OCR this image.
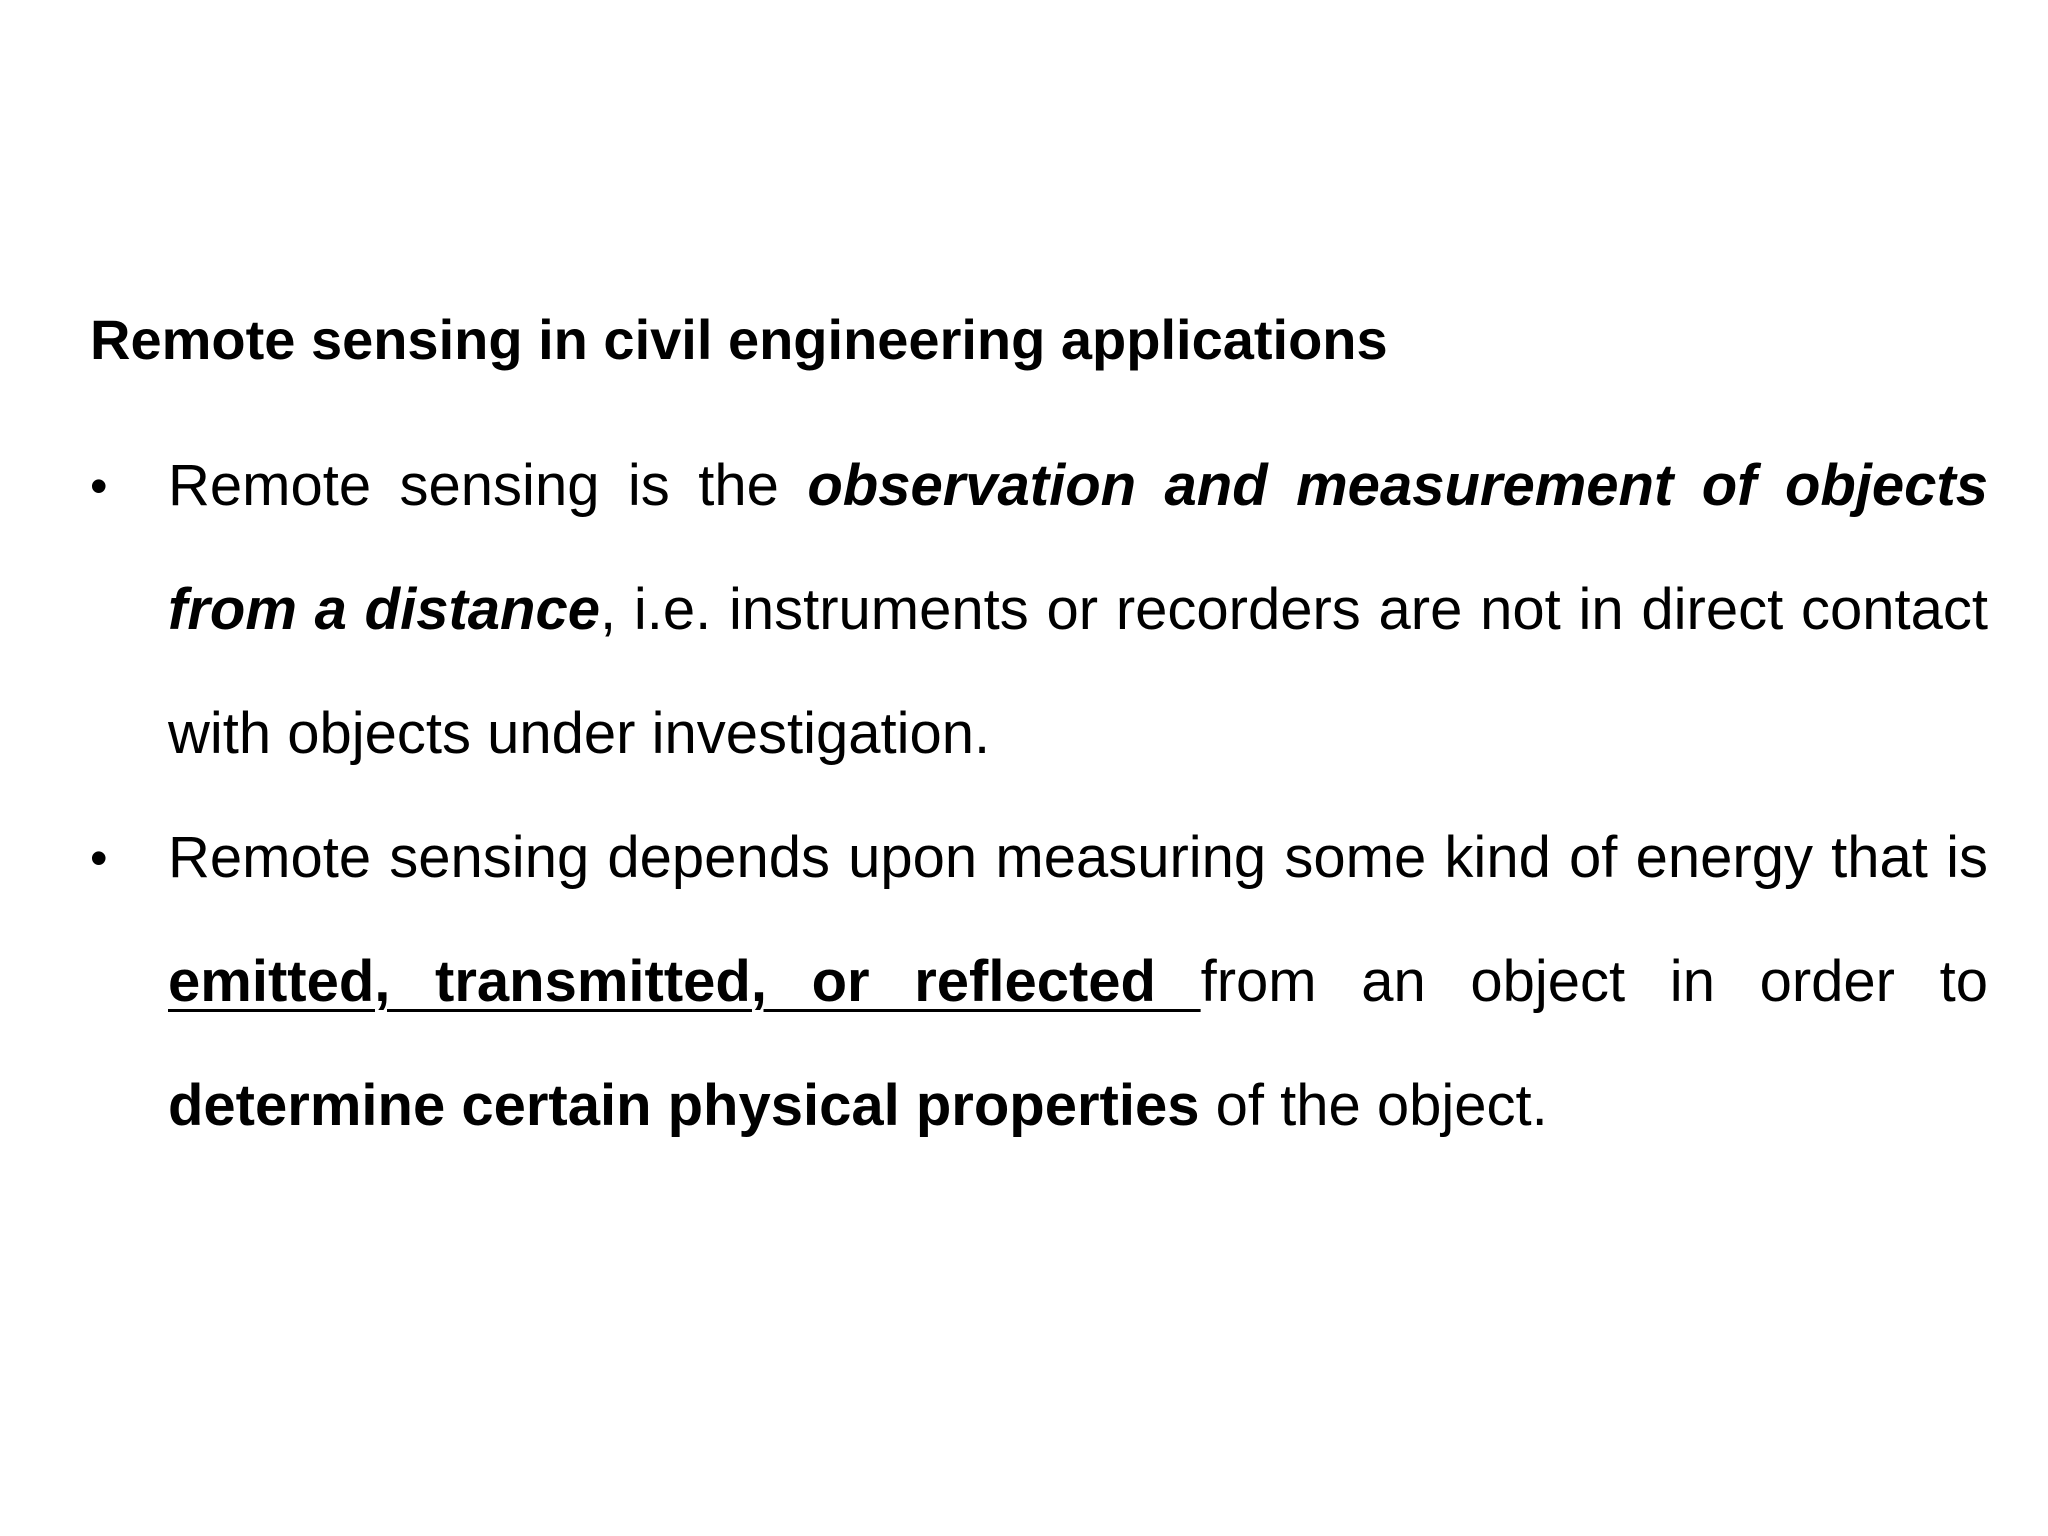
Remote sensing in civil engineering applications
•	Remote sensing is the observation and measurement of objects from a distance, i.e. instruments or recorders are not in direct contact with objects under investigation.
•	Remote sensing depends upon measuring some kind of energy that is emitted, transmitted, or reflected from an object in order to determine certain physical properties of the object.
